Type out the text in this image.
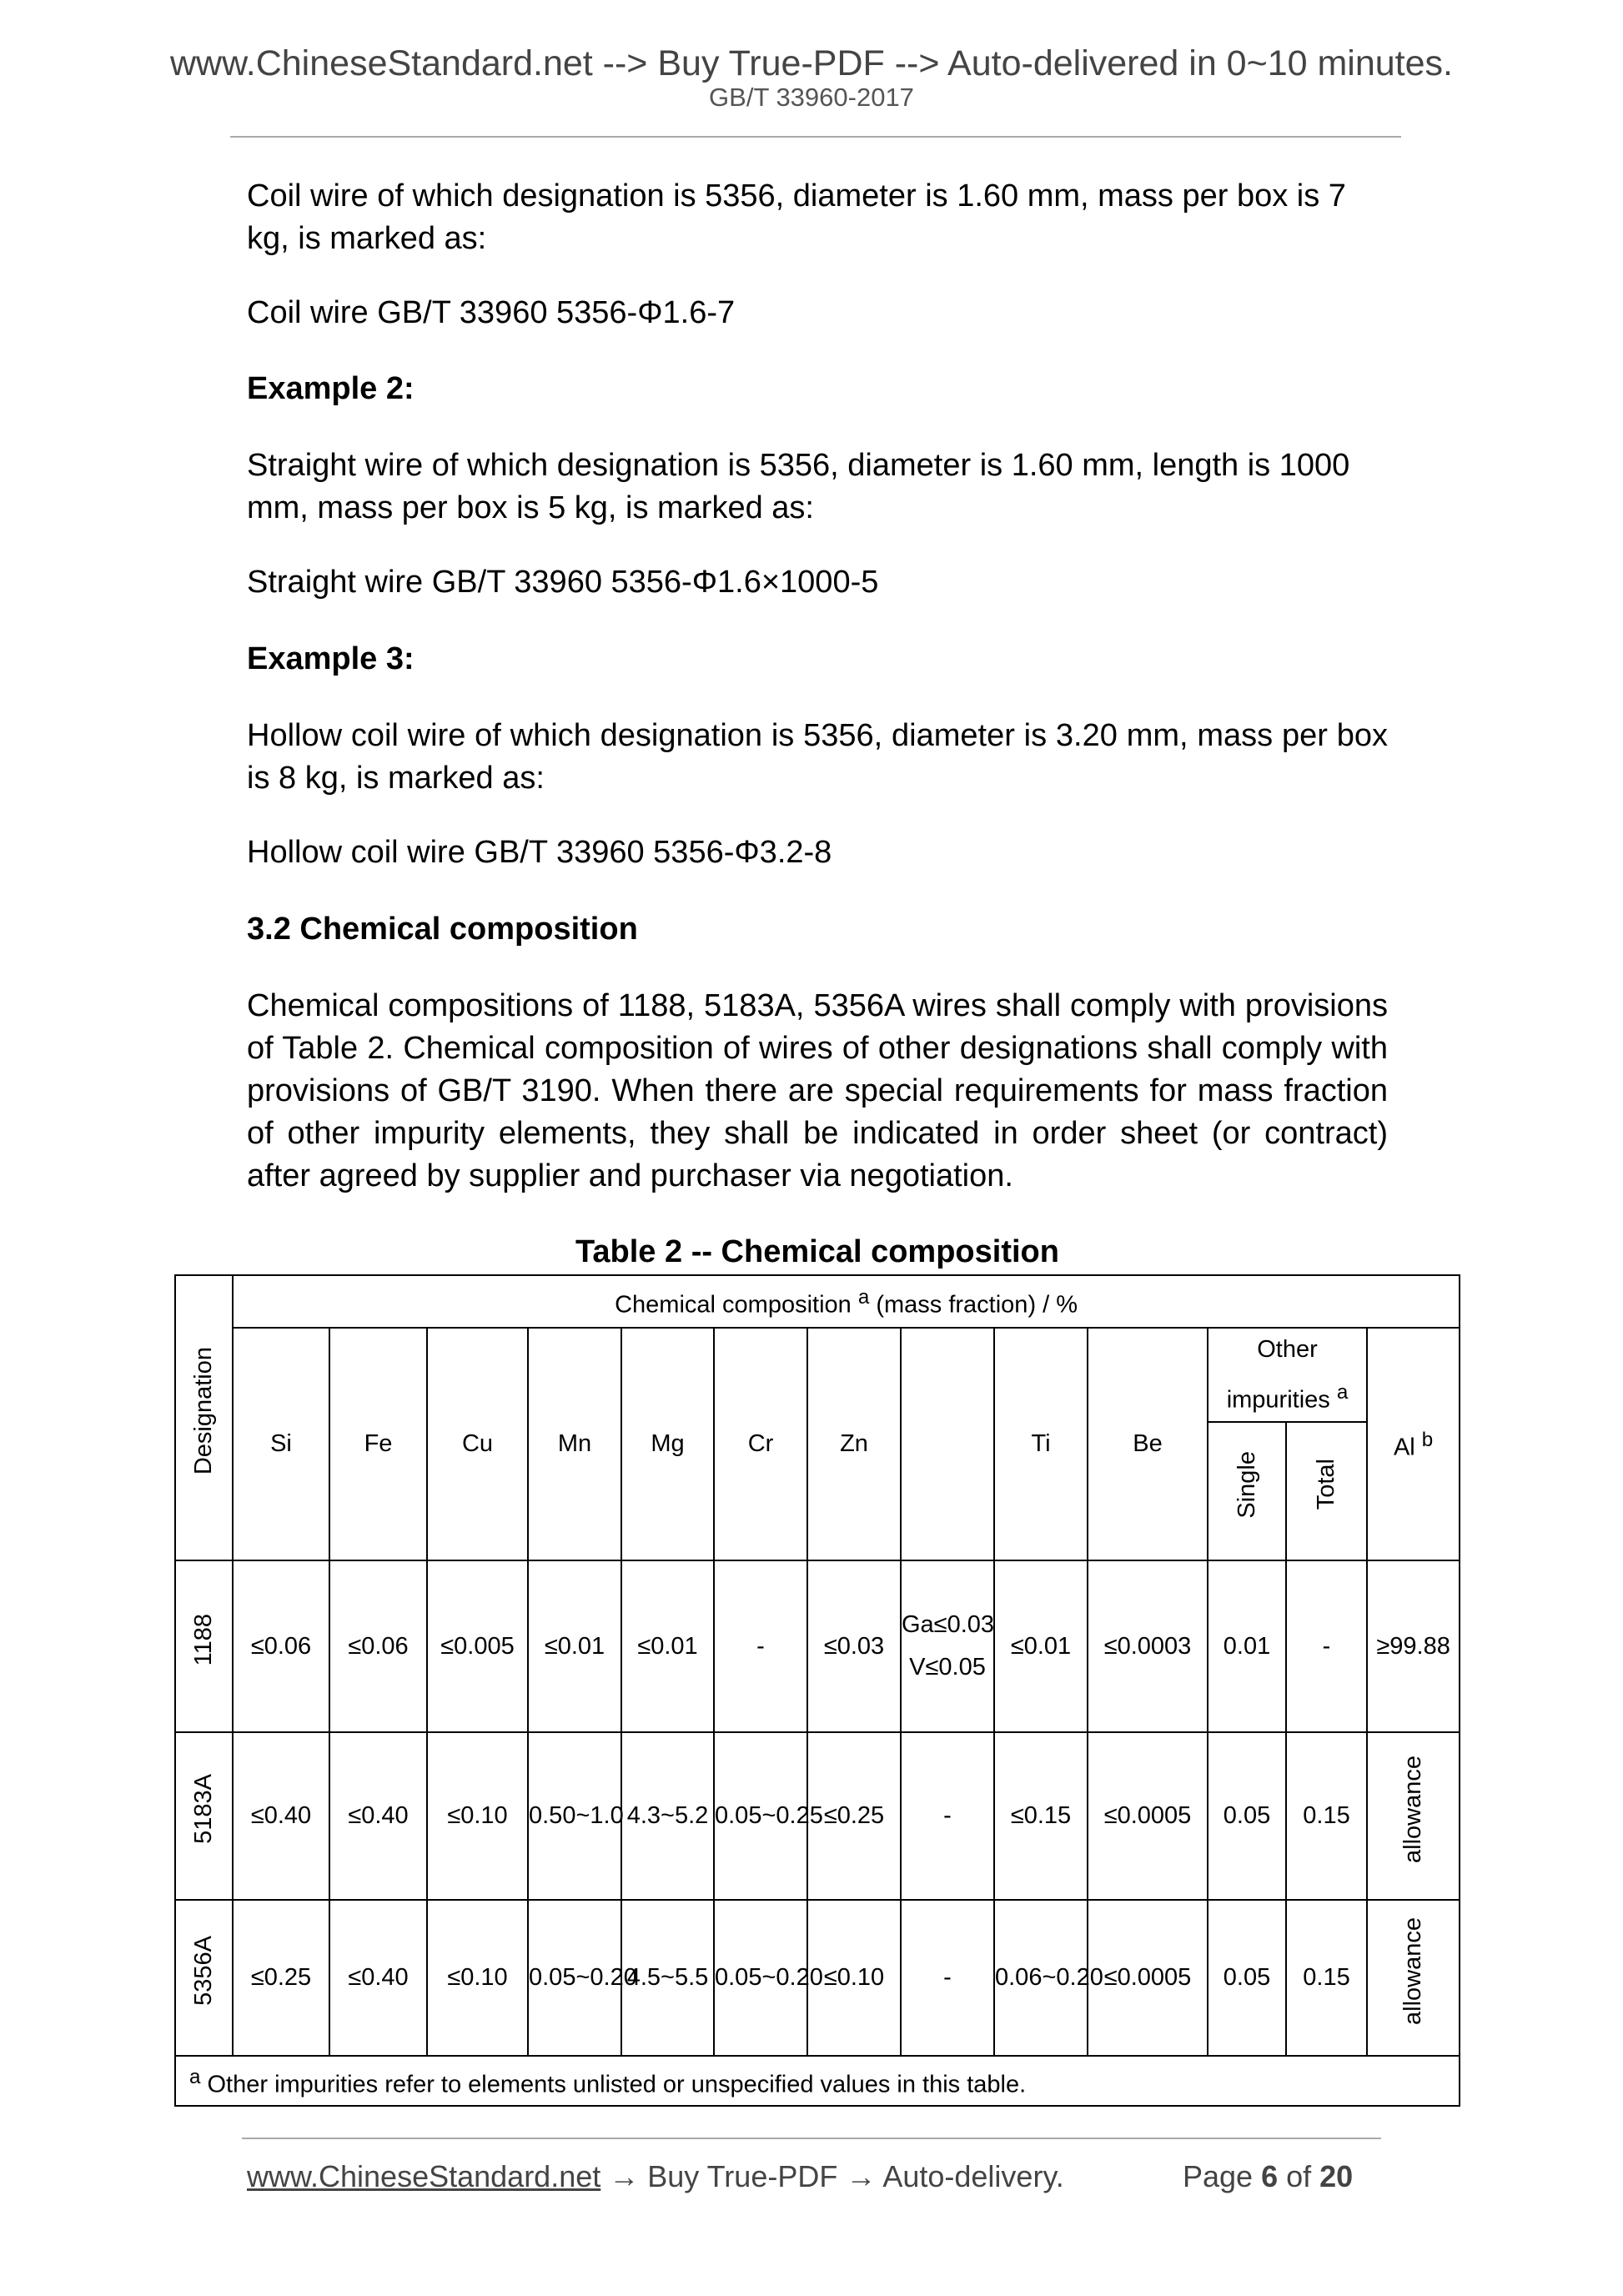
www.ChineseStandard.net --> Buy True-PDF --> Auto-delivered in 0~10 minutes.
GB/T 33960-2017
Coil wire of which designation is 5356, diameter is 1.60 mm, mass per box is 7 kg, is marked as:
Coil wire GB/T 33960 5356-Φ1.6-7
Example 2:
Straight wire of which designation is 5356, diameter is 1.60 mm, length is 1000 mm, mass per box is 5 kg, is marked as:
Straight wire GB/T 33960 5356-Φ1.6×1000-5
Example 3:
Hollow coil wire of which designation is 5356, diameter is 3.20 mm, mass per box is 8 kg, is marked as:
Hollow coil wire GB/T 33960 5356-Φ3.2-8
3.2 Chemical composition
Chemical compositions of 1188, 5183A, 5356A wires shall comply with provisions of Table 2. Chemical composition of wires of other designations shall comply with provisions of GB/T 3190. When there are special requirements for mass fraction of other impurity elements, they shall be indicated in order sheet (or contract) after agreed by supplier and purchaser via negotiation.
Table 2 -- Chemical composition
Designation	Chemical composition $^a$ (mass fraction) / %												
	Si	Fe	Cu	Mn	Mg	Cr	Zn		Ti	Be	Other impurities $^a$		Al $^b$
											Single	Total	
1188	≤0.06	≤0.06	≤0.005	≤0.01	≤0.01	-	≤0.03	Ga≤0.03 V≤0.05	≤0.01	≤0.0003	0.01	-	≥99.88
5183A	≤0.40	≤0.40	≤0.10	0.50~1.0	4.3~5.2	0.05~0.25	≤0.25	-	≤0.15	≤0.0005	0.05	0.15	allowance
5356A	≤0.25	≤0.40	≤0.10	0.05~0.20	4.5~5.5	0.05~0.20	≤0.10	-	0.06~0.20	≤0.0005	0.05	0.15	allowance
$^a$ Other impurities refer to elements unlisted or unspecified values in this table.													
www.ChineseStandard.net → Buy True-PDF → Auto-delivery.	Page 6 of 20
